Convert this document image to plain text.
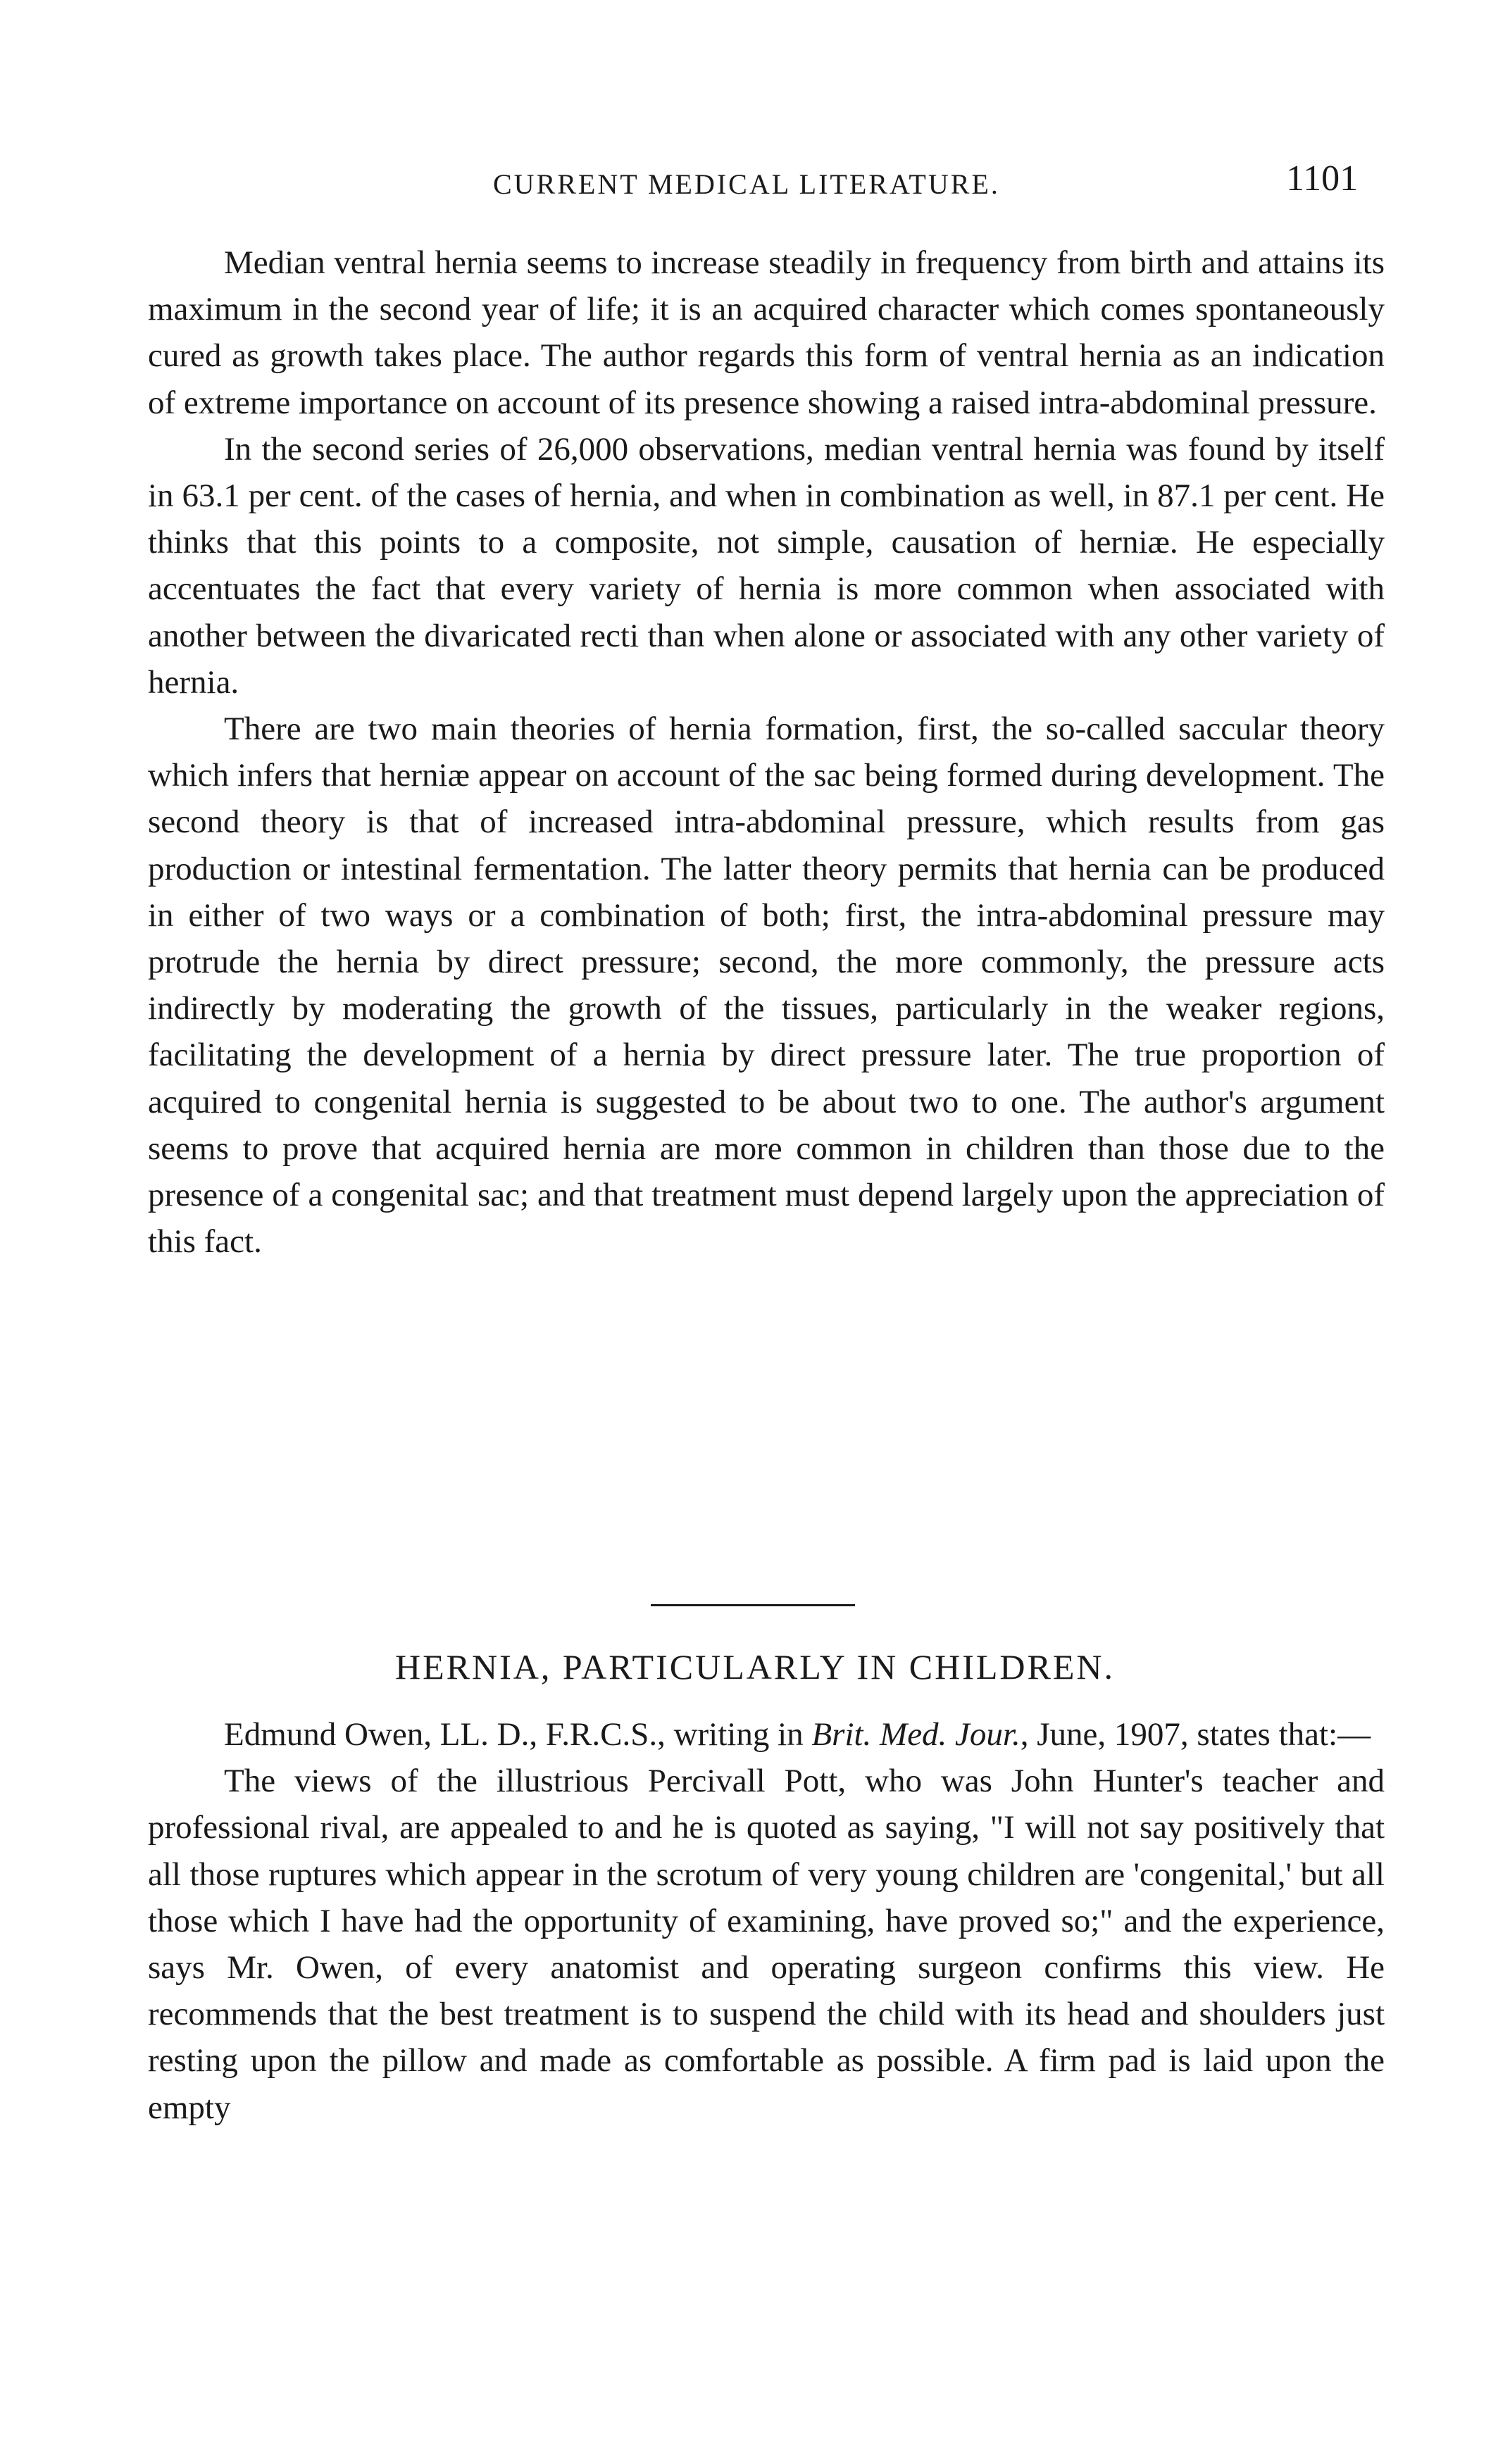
CURRENT MEDICAL LITERATURE.	1101

Median ventral hernia seems to increase steadily in frequency from birth and attains its maximum in the second year of life; it is an acquired character which comes spontaneously cured as growth takes place. The author regards this form of ventral hernia as an indication of extreme importance on account of its presence showing a raised intra-abdominal pressure.

In the second series of 26,000 observations, median ventral hernia was found by itself in 63.1 per cent. of the cases of hernia, and when in combination as well, in 87.1 per cent. He thinks that this points to a composite, not simple, causation of herniæ. He especially accentuates the fact that every variety of hernia is more common when associated with another between the divaricated recti than when alone or associated with any other variety of hernia.

There are two main theories of hernia formation, first, the so-called saccular theory which infers that herniæ appear on account of the sac being formed during development. The second theory is that of increased intra-abdominal pressure, which results from gas production or intestinal fermentation. The latter theory permits that hernia can be produced in either of two ways or a combination of both; first, the intra-abdominal pressure may protrude the hernia by direct pressure; second, the more commonly, the pressure acts indirectly by moderating the growth of the tissues, particularly in the weaker regions, facilitating the development of a hernia by direct pressure later. The true proportion of acquired to congenital hernia is suggested to be about two to one. The author's argument seems to prove that acquired hernia are more common in children than those due to the presence of a congenital sac; and that treatment must depend largely upon the appreciation of this fact.

HERNIA, PARTICULARLY IN CHILDREN.

Edmund Owen, LL. D., F.R.C.S., writing in Brit. Med. Jour., June, 1907, states that:—

The views of the illustrious Percivall Pott, who was John Hunter's teacher and professional rival, are appealed to and he is quoted as saying, "I will not say positively that all those ruptures which appear in the scrotum of very young children are 'congenital,' but all those which I have had the opportunity of examining, have proved so;" and the experience, says Mr. Owen, of every anatomist and operating surgeon confirms this view. He recommends that the best treatment is to suspend the child with its head and shoulders just resting upon the pillow and made as comfortable as possible. A firm pad is laid upon the empty
